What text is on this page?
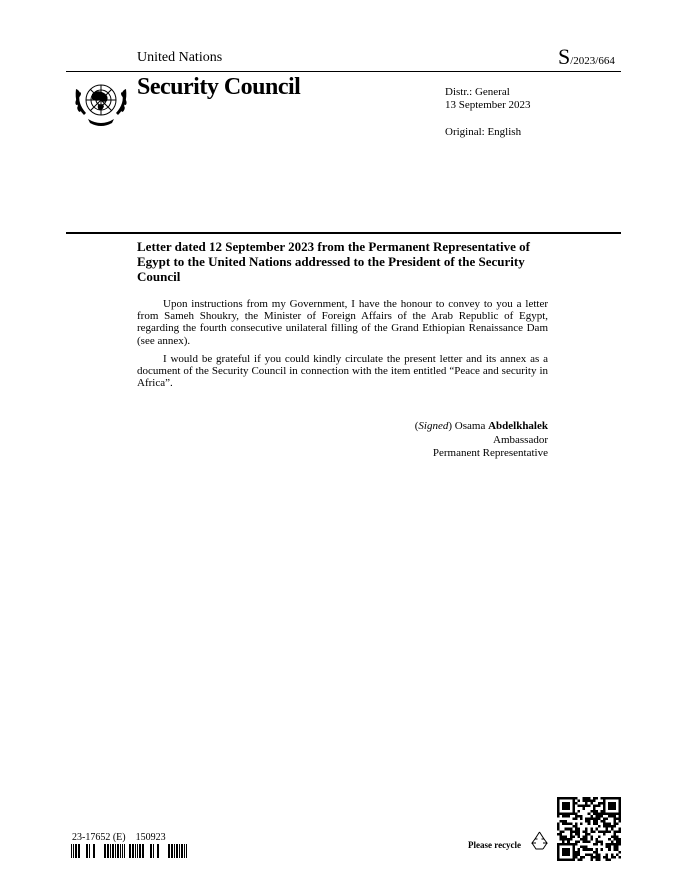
United Nations	S/2023/664
Security Council	Distr.: General
13 September 2023
Original: English
Letter dated 12 September 2023 from the Permanent Representative of Egypt to the United Nations addressed to the President of the Security Council

Upon instructions from my Government, I have the honour to convey to you a letter from Sameh Shoukry, the Minister of Foreign Affairs of the Arab Republic of Egypt, regarding the fourth consecutive unilateral filling of the Grand Ethiopian Renaissance Dam (see annex).

I would be grateful if you could kindly circulate the present letter and its annex as a document of the Security Council in connection with the item entitled “Peace and security in Africa”.

(Signed) Osama Abdelkhalek
Ambassador
Permanent Representative
23-17652 (E)    150923
Please recycle
